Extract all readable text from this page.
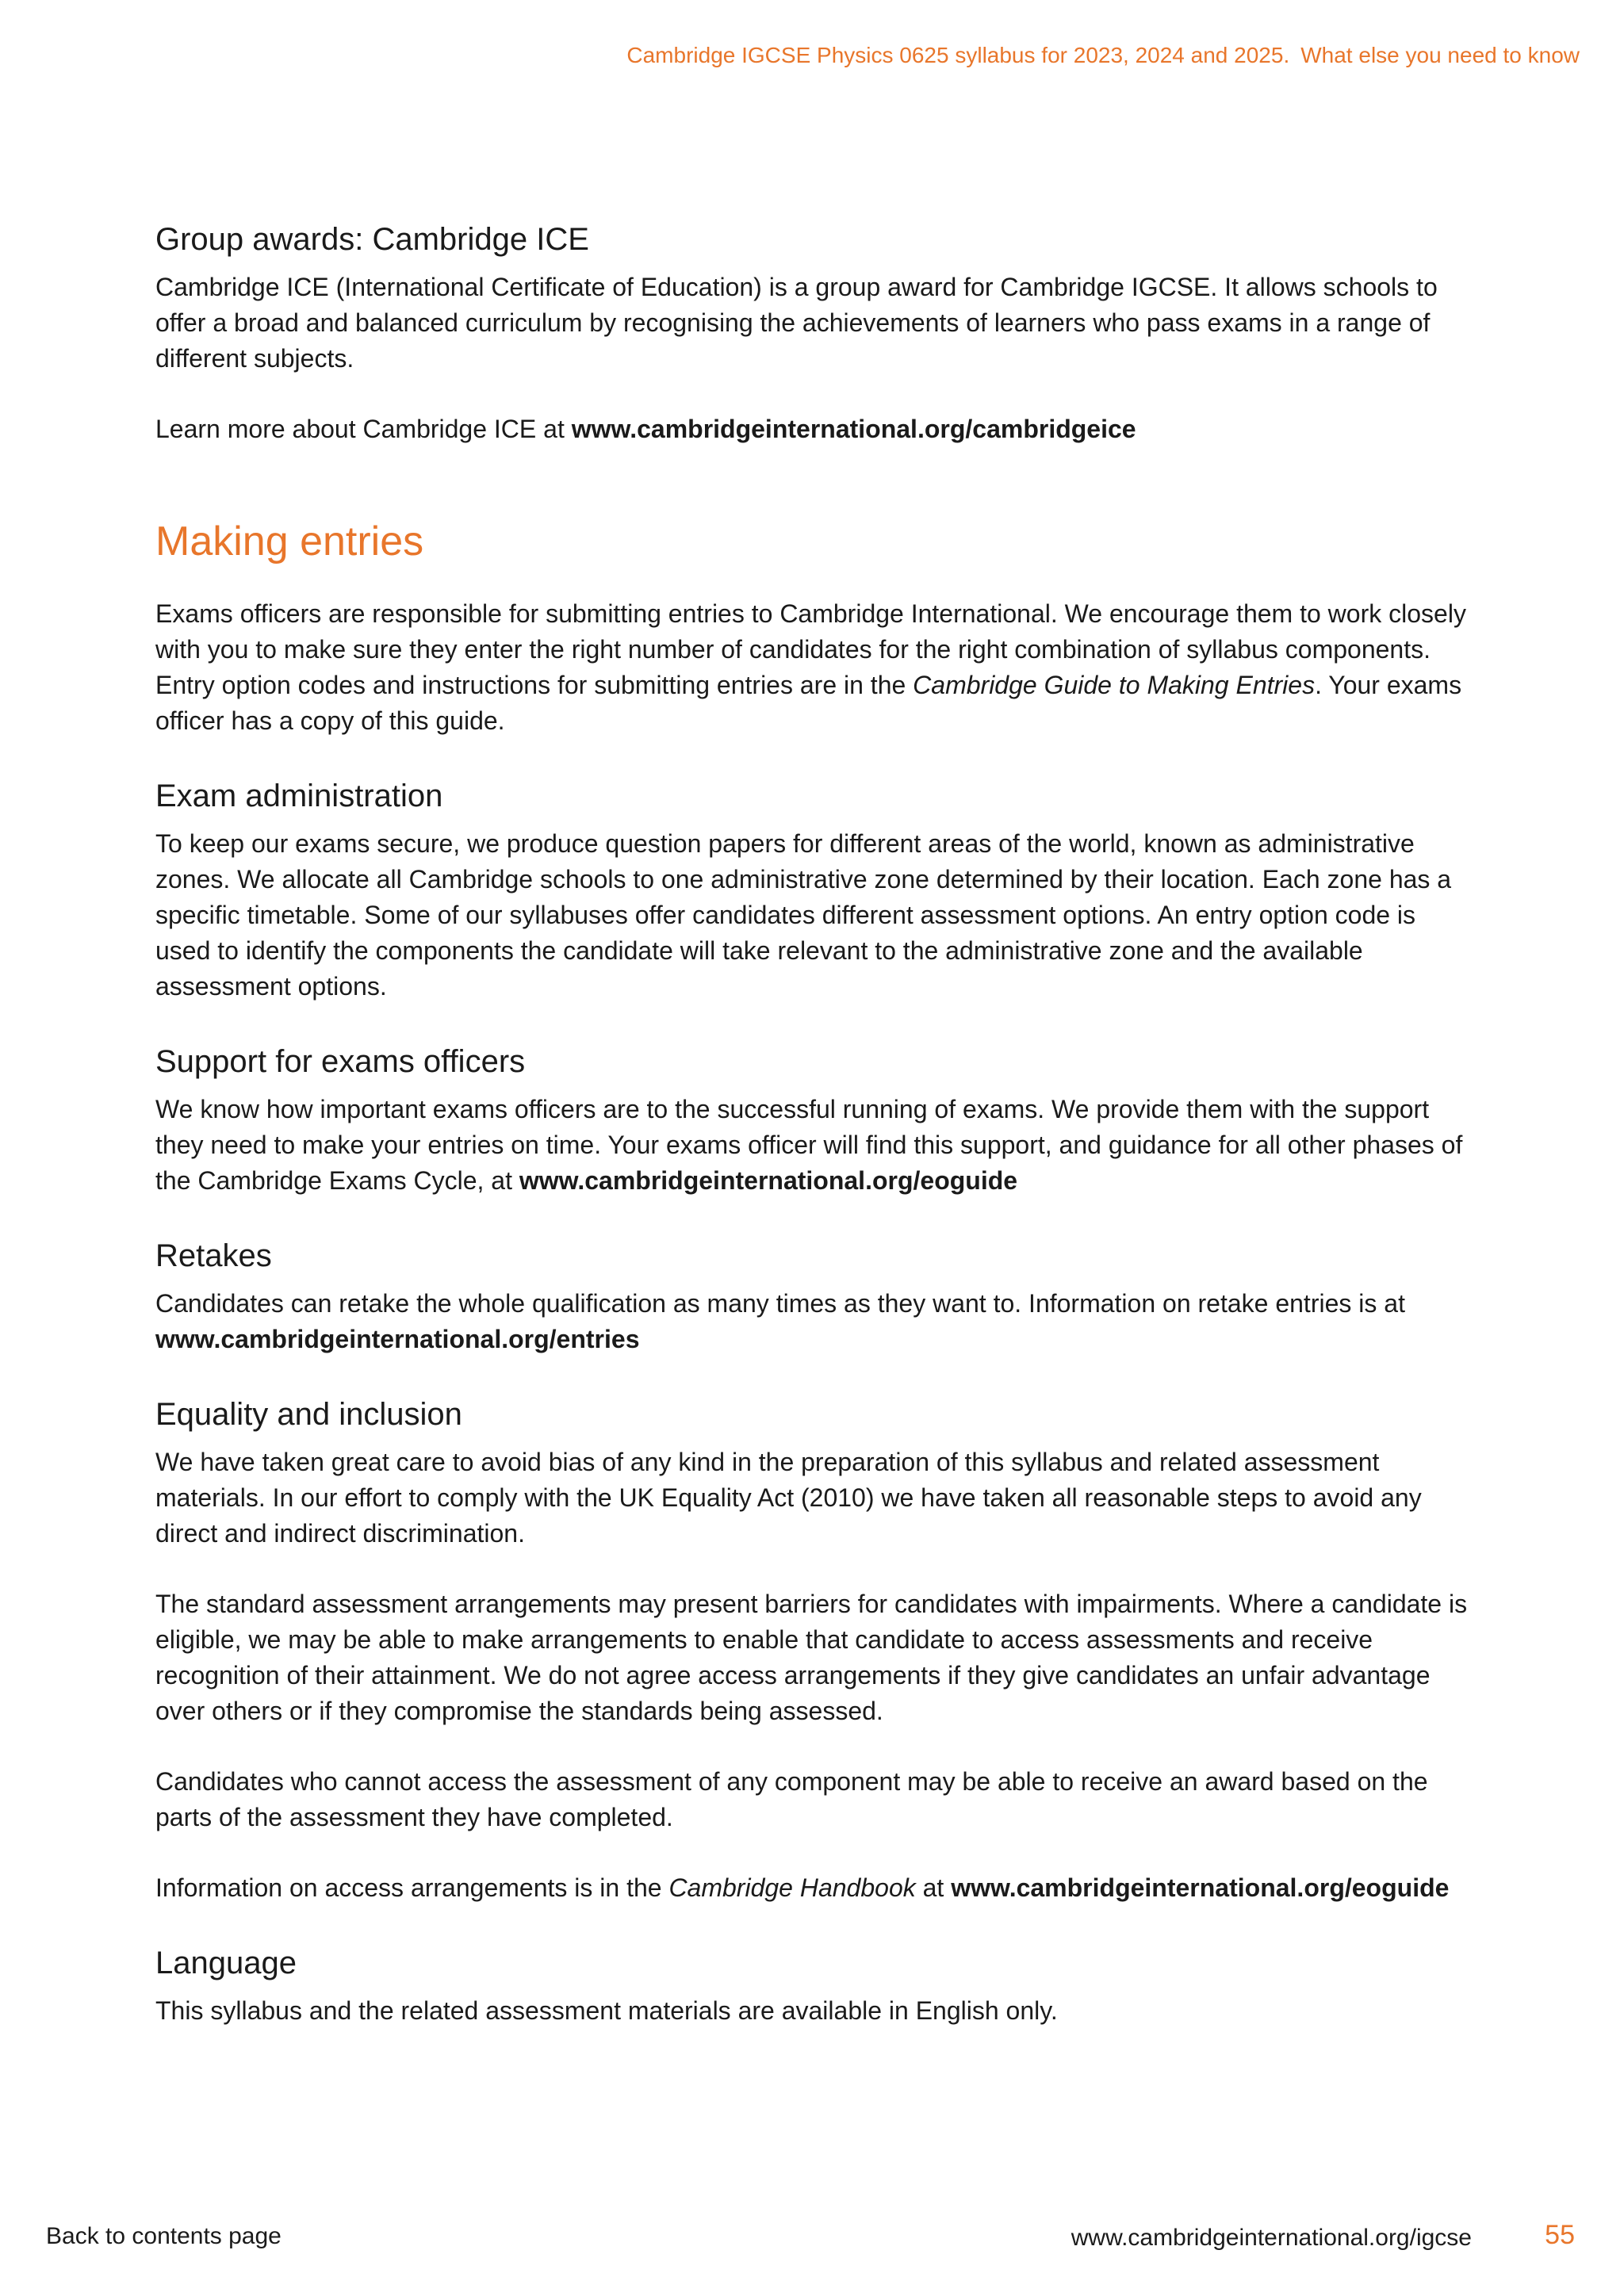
Cambridge IGCSE Physics 0625 syllabus for 2023, 2024 and 2025. What else you need to know
Group awards: Cambridge ICE

Cambridge ICE (International Certificate of Education) is a group award for Cambridge IGCSE. It allows schools to offer a broad and balanced curriculum by recognising the achievements of learners who pass exams in a range of different subjects.

Learn more about Cambridge ICE at www.cambridgeinternational.org/cambridgeice

Making entries

Exams officers are responsible for submitting entries to Cambridge International. We encourage them to work closely with you to make sure they enter the right number of candidates for the right combination of syllabus components. Entry option codes and instructions for submitting entries are in the Cambridge Guide to Making Entries. Your exams officer has a copy of this guide.

Exam administration

To keep our exams secure, we produce question papers for different areas of the world, known as administrative zones. We allocate all Cambridge schools to one administrative zone determined by their location. Each zone has a specific timetable. Some of our syllabuses offer candidates different assessment options. An entry option code is used to identify the components the candidate will take relevant to the administrative zone and the available assessment options.

Support for exams officers

We know how important exams officers are to the successful running of exams. We provide them with the support they need to make your entries on time. Your exams officer will find this support, and guidance for all other phases of the Cambridge Exams Cycle, at www.cambridgeinternational.org/eoguide

Retakes

Candidates can retake the whole qualification as many times as they want to. Information on retake entries is at www.cambridgeinternational.org/entries

Equality and inclusion

We have taken great care to avoid bias of any kind in the preparation of this syllabus and related assessment materials. In our effort to comply with the UK Equality Act (2010) we have taken all reasonable steps to avoid any direct and indirect discrimination.

The standard assessment arrangements may present barriers for candidates with impairments. Where a candidate is eligible, we may be able to make arrangements to enable that candidate to access assessments and receive recognition of their attainment. We do not agree access arrangements if they give candidates an unfair advantage over others or if they compromise the standards being assessed.

Candidates who cannot access the assessment of any component may be able to receive an award based on the parts of the assessment they have completed.

Information on access arrangements is in the Cambridge Handbook at www.cambridgeinternational.org/eoguide

Language

This syllabus and the related assessment materials are available in English only.

Back to contents page	www.cambridgeinternational.org/igcse	55
